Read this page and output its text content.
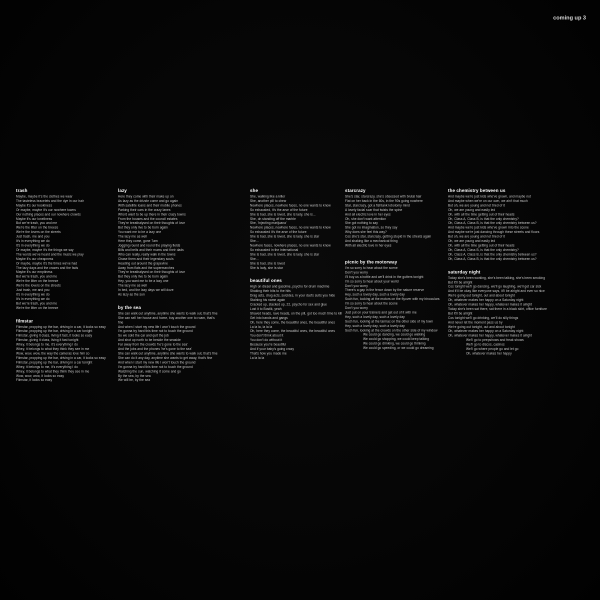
coming up 3
trash
Maybe, maybe it's the clothes we wear
The tasteless bracelets and the dye in our hair
Maybe it's our kookiness
Or maybe, maybe it's our nowhere towns
Our nothing places and our nowhere crowds
Maybe it's our loneliness
But we're trash, you and me
We're the litter on the breeze
We're the lovers on the streets
Just trash, me and you
It's in everything we do
It's in everything we do
Or maybe, maybe it's the things we say
The words we've heard and the music we play
Maybe it's our cheapness
Or maybe, maybe it's the times we've had
The lazy days and the crazes and the fads
Maybe it's our emptiness
But we're trash, you and me
We're the litter on the breeze
We're the lovers on the streets
Just trash, me and you
It's in everything we do
It's in everything we do
But we're trash, you and me
We're the litter on the breeze
filmstar
Filmstar, propping up the bar, driving in a car, it looks so easy
Filmstar, propping up the bar, driving in a car tonight
Filmstar, giving it class, living it fast, it looks so easy
Filmstar, giving it class, living it fast tonight
Whey, it belongs to me, it's everything I do
Whey, it belongs to what they think they see in me
Wow, wow, wow, the way the cameras love him so
Filmstar, propping up the bar, driving in a car, it looks so easy
Filmstar, propping up the bar, driving in a car tonight
Whey, it belongs to me, it's everything I do
Whey, it belongs to what they think they see in me
Wow, wow, wow, it looks so easy
Filmstar, it looks so easy
lazy
Here they come with their make up on
As lazy as the drizzle come and go again
With satellite loans and their mobile phones
Parking their cars in the crazy lanes
Who'd want to be up there in their crazy towns
From the houses and the council estates
They're breathalysed on their thoughts of love
But they only live to be born again
You want me to be a lazy one
The lazy me as well
Here they come, gone 7am
Jogging round and round the playing fields
Bills and bells and their mums and their dads
Who can really, really walk in the towns
Chase them and their legendary souls
Heading out around the grapevine
Away from flats and the supermarches
They're breathalysed on their thoughts of love
But they only live to be born again
Hey, you want me to be a lazy one
The lazy me as well
In bed, and the lazy days we will doze
As lazy as the sun
by the sea
She can walk out anytime, anytime she wants to walk out, that's fine
She can sell her house and home, buy another one to roam, that's fine
And when I start my new life I won't touch the ground
I'm gonna try hard this time not to touch the ground
So we sold the car and quit the job
And shot up north to be beside the seaside
Far away from the crowds 'he's gone to the sea'
And the jobs and the phones 'he's gone to the sea'
She can walk out anytime, anytime she wants to walk out, that's fine
She can do it any day, anytime she wants to get away, that's fine
And when I start my new life I won't touch the ground
I'm gonna try hard this time not to touch the ground
Watching the sun, watching it come and go
By the sea, by the sea
We will be, by the sea
she
She, walking like a killer
She, another pill to chew
Nowhere places, nowhere faces, no one wants to know
So exhausted, it's the arse of the future
She is bad, she is loved, she is lady, she is...
She, oh standing off the marble
She, 'injecting marijuana'
Nowhere places, nowhere faces, no one wants to know
So exhausted it's the arse of the future
She is bad, she is loved, she is lady, she is star
She...
Nowhere faces, nowhere places, no one wants to know
So exhausted in the international
She is bad, she is loved, she is lady, she is star
She...
She is bad, she is loved
She is lady, she is star
beautiful ones
High on diesel and gasoline, psycho for drum machine
Shaking their bits to the hits
Drag acts, drug acts, suicides, in your dad's suits you hide
Staining his name again
Cracked up, stacked up, 22, psycho for sex and glue
Lost it to Bostik, yeah
Shaved heads, rave heads, on the pill, got too much time to kill
Get into bands and gangs
Oh, here they come, the beautiful ones, the beautiful ones
La la la, la la la
Oh, here they come, the beautiful ones, the beautiful ones
You don't think about it
You don't do without it
Because you're beautiful
And if your baby's going crazy
That's how you made me
La la la la
starcrazy
She's star, starcrazy, she's obsessed with brutal hair
Flat on her back in the 60s, in the 90s going nowhere
Star, starcrazy, got a fishtank lobotomy mind
A lovely facial scar that twists the spine
And all electric love in her eyes
Oh, she don't want attention
She got nothing to say
She got no imagination, so they say
Why does she feel this way?
Cos she's star, starcrazy, getting stupid in the streets again
And shaking like a mechanical thing
With all electric love in her eyes
picnic by the motorway
I'm so sorry to hear about the scene
Don't you worry
I'll buy us a bottle and we'll drink in the gutters tonight
I'm so sorry to hear about your world
Don't you worry
There's a gap in the fence down by the nature reserve
Hey, such a lovely day, such a lovely day
Such fun, looking at the motors on the flyover with my binoculars
I'm so sorry to hear about the scene
Don't you worry
Just put on your trainers and get out of it with me
Hey, such a lovely day, such a lovely day
Such fun, looking at the tarmac on the other side of my town
Hey, such a lovely day, such a lovely day
Such fun, looking at the crowds on the other side of my window
We could go dancing, we could go walking
We could go shopping, we could keep talking
We could go drinking, we could go thinking
We could go speeding, or we could go dreaming
the chemistry between us
And maybe we're just kids who've grown, and maybe not
And maybe when we're on our own, we ain't that much
But oh, we are young and not tired of it
Oh, we are young and easily led
Oh, with all the time getting out of their heads
Oh, Class A, Class B, is that the only chemistry?
Oh, Class A, Class B, is that the only chemistry between us?
And maybe we're just kids who've grown into the scene
And maybe we're just dancing through these streets and floors
But oh, we are young and not tired of it
Oh, we are young and easily led
Oh, with all the time getting out of their heads
Oh, Class A, Class B, is that the only chemistry?
Oh, Class A, Class B, is that the only chemistry between us?
Oh, Class A, Class B, is that the only chemistry between us?
saturday night
Today she's been working, she's been talking, she's been smoking
But it'll be alright
Cos tonight we'll go dancing, we'll go laughing, we'll get car sick
And it'll be okay like everyone says, it'll be alright and ever so nice
We're going out tonight, out and about tonight
Oh, whatever makes her happy on a Saturday night
Oh, whatever makes her happy, whatever makes it alright
Today she's been sat there, sat there in a black skirt, office furniture
But it'll be alright
Cos tonight we'll go drinking, we'll do silly things
And never let the moment pass us by
We're going out tonight, out and about tonight
Oh, whatever makes her happy on a Saturday night
Oh, whatever makes her happy, whatever makes it alright
We'll go to peepshows and freak shows
We'll go to discos, casinos
We'll go where people go and let go
Oh, whatever makes her happy
